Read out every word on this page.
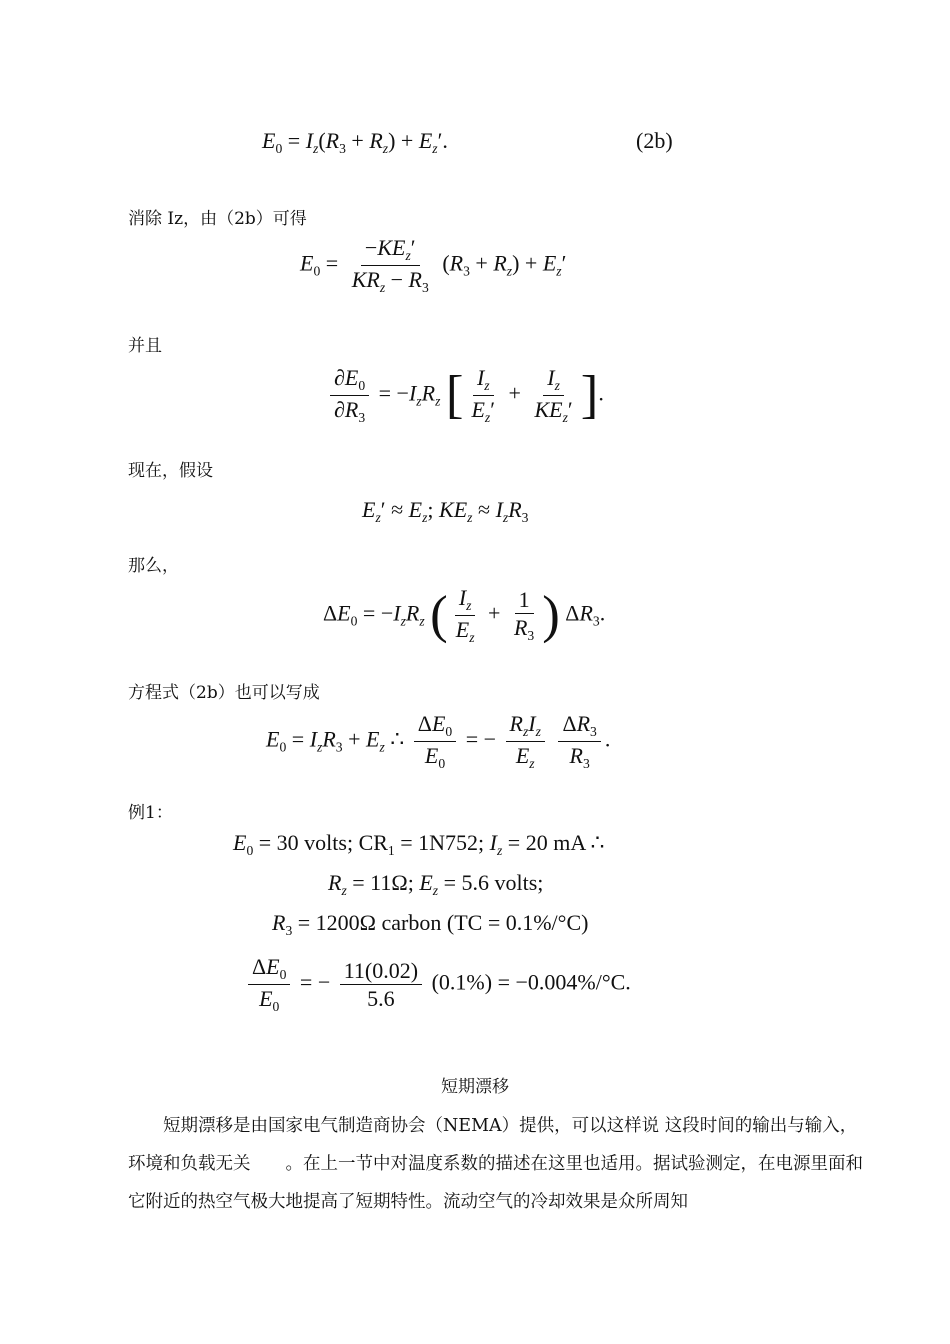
$E_0 = I_z(R_3 + R_z) + E_z'$.	(2b)
消除 Iz，由（2b）可得
$E_0 = \frac{-KE_z'}{KR_z - R_3} (R_3 + R_z) + E_z'$
并且
$\frac{\partial E_0}{\partial R_3} = -I_zR_z$ [ $\frac{I_z}{E_z'} + \frac{I_z}{KE_z'}$ ].
现在，假设
$E_z' \approx E_z$; $KE_z \approx I_zR_3$
那么，
$\Delta E_0 = -I_zR_z$ ( $\frac{I_z}{E_z} + \frac{1}{R_3}$ ) $\Delta R_3$.
方程式（2b）也可以写成
$E_0 = I_zR_3 + E_z$ ∴ $\frac{\Delta E_0}{E_0}$ = − $\frac{R_zI_z}{E_z}$
$\frac{\Delta R_3}{R_3}$ .
例1：
$E_0 = 30$ volts; $CR_1 = 1N752$; $I_z = 20$ mA ∴
$R_z = 11\Omega$; $E_z = 5.6$ volts;
$R_3 = 1200\Omega$ carbon (TC = 0.1%/°C)
$\frac{\Delta E_0}{E_0}$ = − $\frac{11(0.02)}{5.6} (0.1\%) = -0.004\%/^\circ C$.
短期漂移

短期漂移是由国家电气制造商协会（NEMA）提供，可以这样说 这段时间的输出与输入，环境和负载无关　　。在上一节中对温度系数的描述在这里也适用。据试验测定，在电源里面和它附近的热空气极大地提高了短期特性。流动空气的冷却效果是众所周知
